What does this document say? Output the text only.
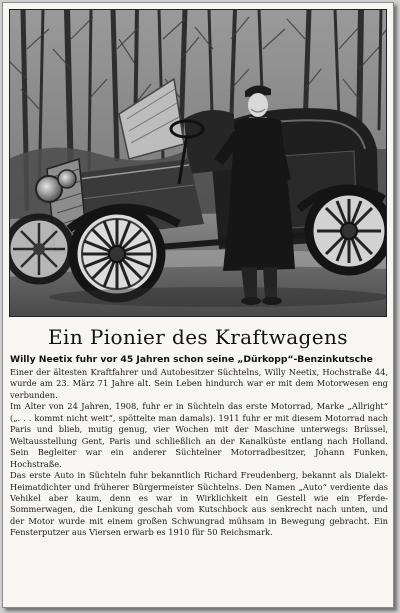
Ein Pionier des Kraftwagens
Willy Neetix fuhr vor 45 Jahren schon seine „Dürkopp“-Benzinkutsche

Einer der ältesten Kraftfahrer und Autobesitzer Süchtelns, Willy Neetix, Hochstraße 44, wurde am 23. März 71 Jahre alt. Sein Leben hindurch war er mit dem Motorwesen eng verbunden.

Im Alter von 24 Jahren, 1908, fuhr er in Süchteln das erste Motorrad, Marke „Allright“ („. . . kommt nicht weit“, spöttelte man damals). 1911 fuhr er mit diesem Motorrad nach Paris und blieb, mutig genug, vier Wochen mit der Maschine unterwegs: Brüssel, Weltausstellung Gent, Paris und schließlich an der Kanalküste entlang nach Holland. Sein Begleiter war ein anderer Süchtelner Motorradbesitzer, Johann Funken, Hochstraße.

Das erste Auto in Süchteln fuhr bekanntlich Richard Freudenberg, bekannt als Dialekt-Heimatdichter und früherer Bürgermeister Süchtelns. Den Namen „Auto“ verdiente das Vehikel aber kaum, denn es war in Wirklichkeit ein Gestell wie ein Pferde-Sommerwagen, die Lenkung geschah vom Kutschbock aus senkrecht nach unten, und der Motor wurde mit einem großen Schwungrad mühsam in Bewegung gebracht. Ein Fensterputzer aus Viersen erwarb es 1910 für 50 Reichsmark.
